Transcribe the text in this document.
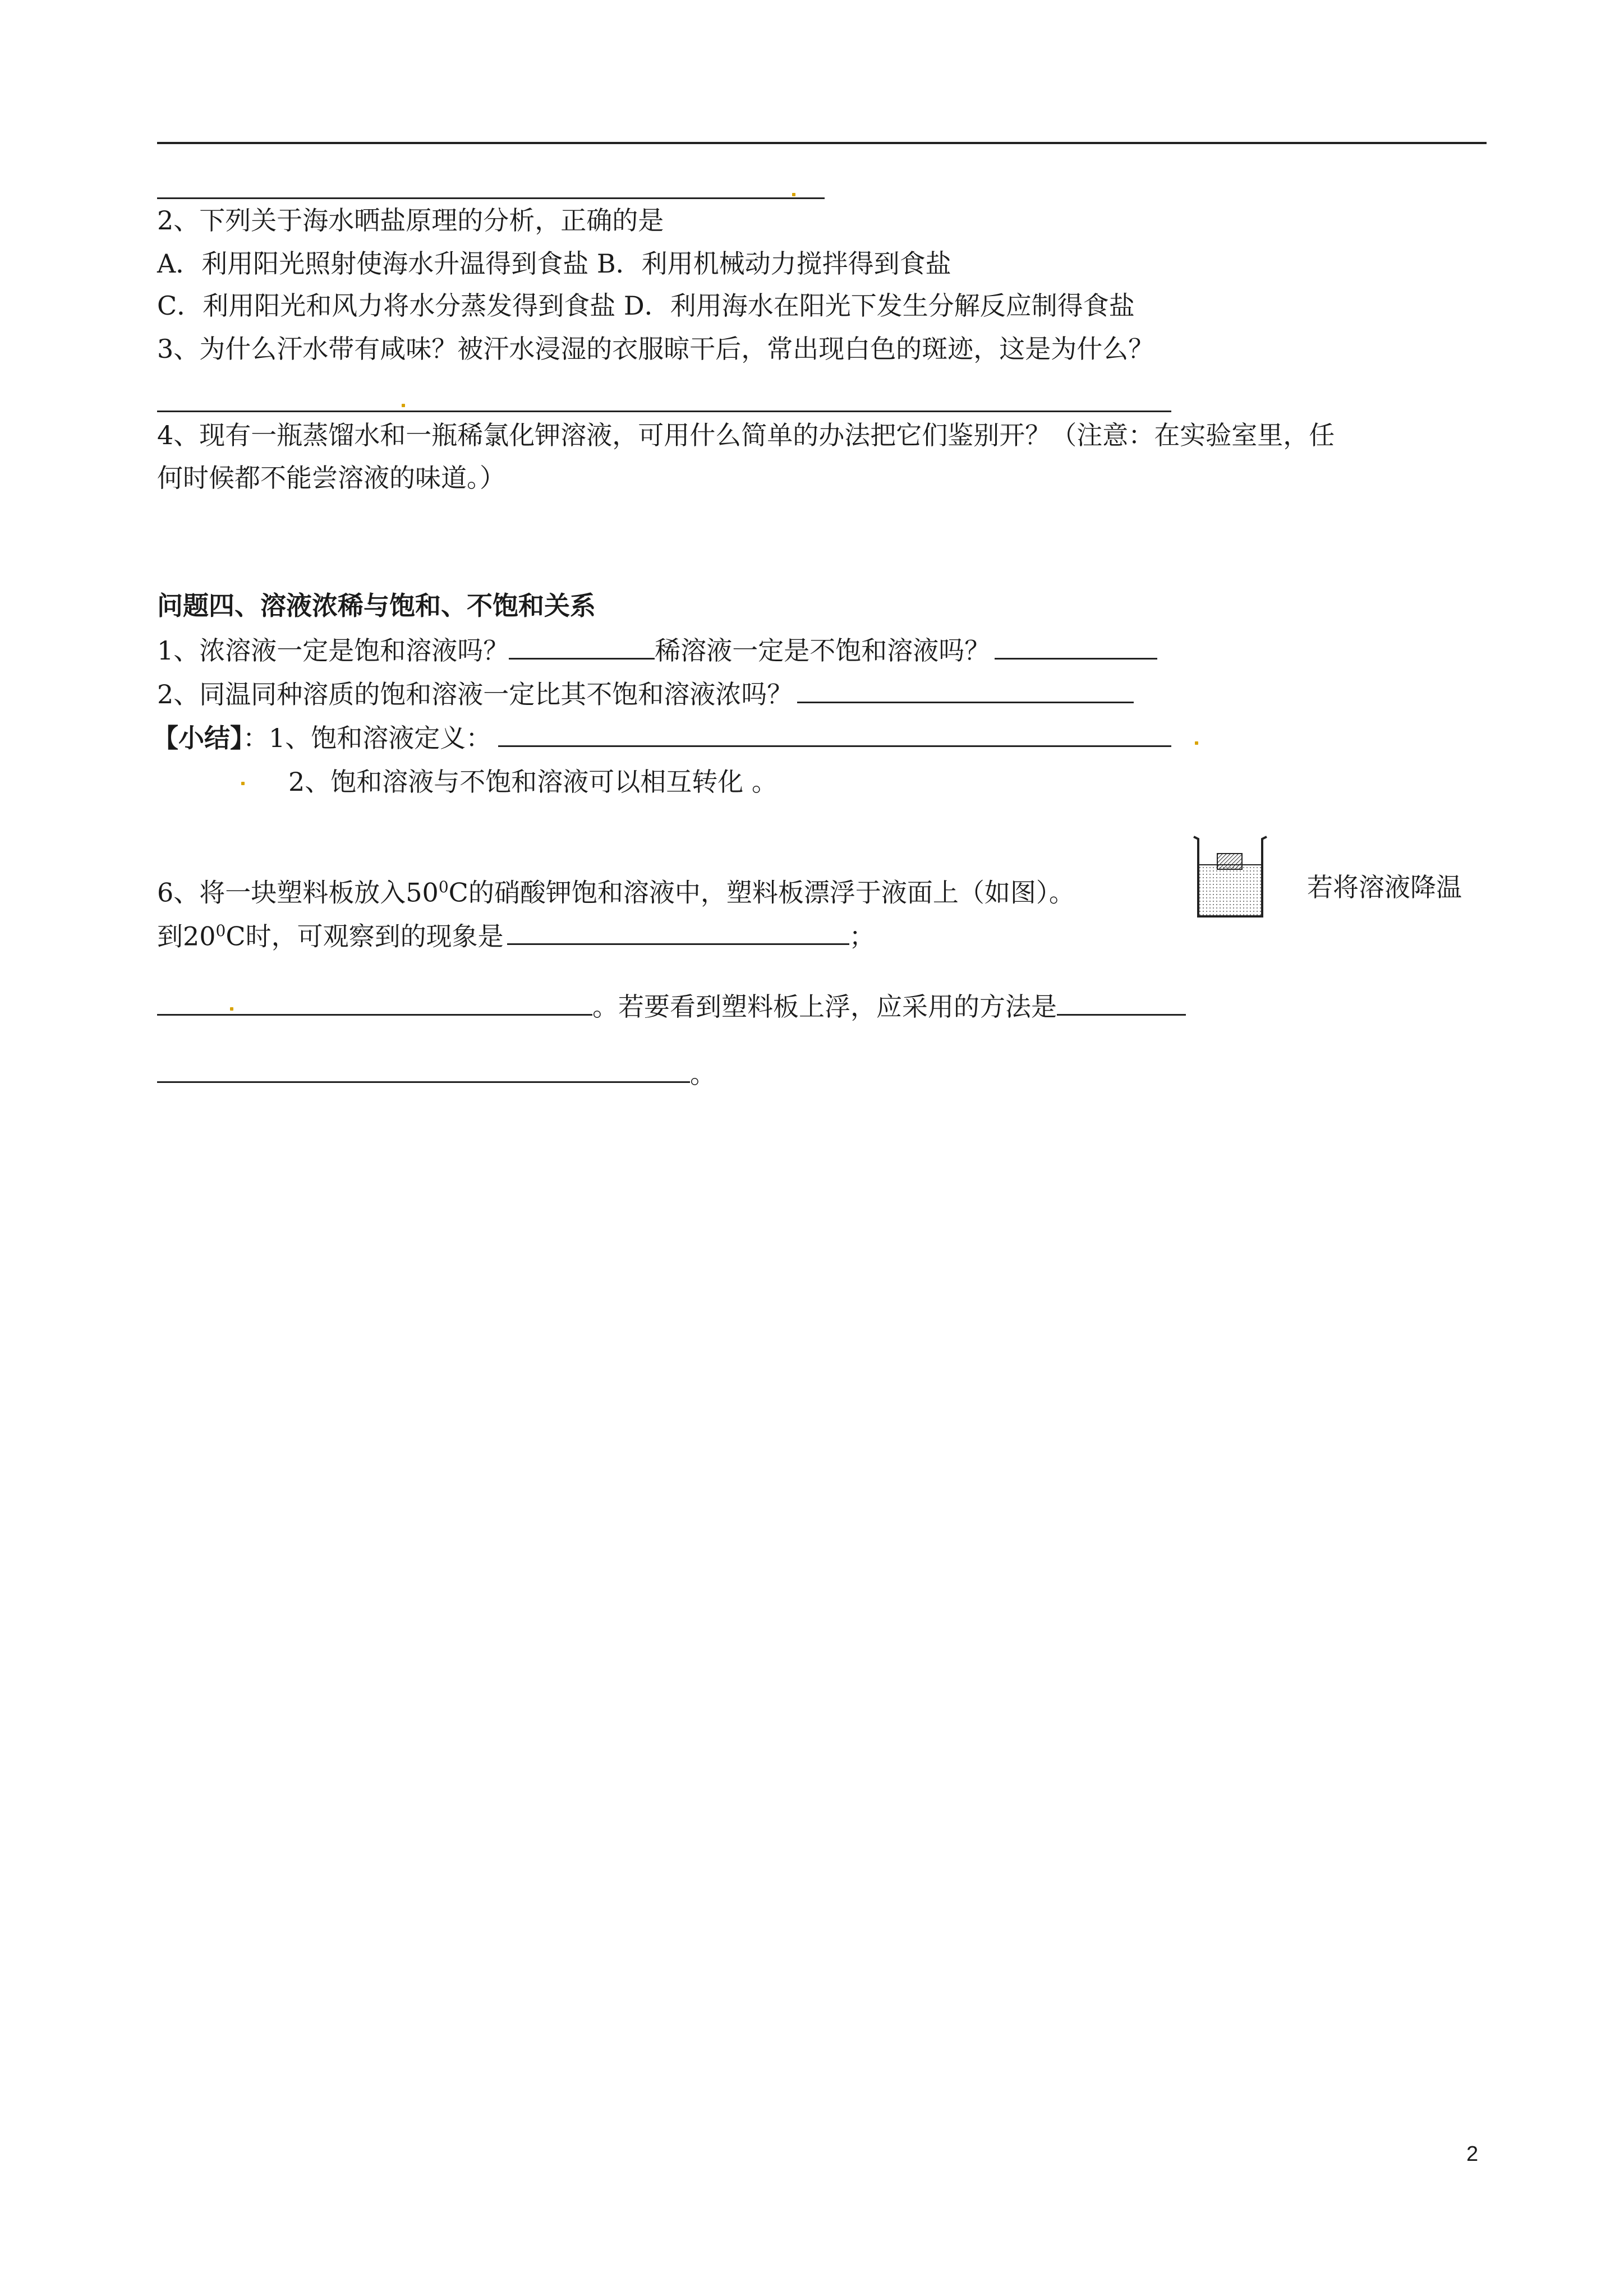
2、下列关于海水晒盐原理的分析，正确的是
A．利用阳光照射使海水升温得到食盐 B．利用机械动力搅拌得到食盐
C．利用阳光和风力将水分蒸发得到食盐 D．利用海水在阳光下发生分解反应制得食盐
3、为什么汗水带有咸味？被汗水浸湿的衣服晾干后，常出现白色的斑迹，这是为什么？
4、现有一瓶蒸馏水和一瓶稀氯化钾溶液，可用什么简单的办法把它们鉴别开？（注意：在实验室里，任
何时候都不能尝溶液的味道。）
问题四、溶液浓稀与饱和、不饱和关系
1、浓溶液一定是饱和溶液吗？	稀溶液一定是不饱和溶液吗？
2、同温同种溶质的饱和溶液一定比其不饱和溶液浓吗？
【小结】：1、饱和溶液定义：
2、饱和溶液与不饱和溶液可以相互转化 。
6、将一块塑料板放入$50^0C$的硝酸钾饱和溶液中，塑料板漂浮于液面上（如图）。	若将溶液降温
到$20^0C$时，可观察到的现象是	；
。若要看到塑料板上浮，应采用的方法是
。
2
